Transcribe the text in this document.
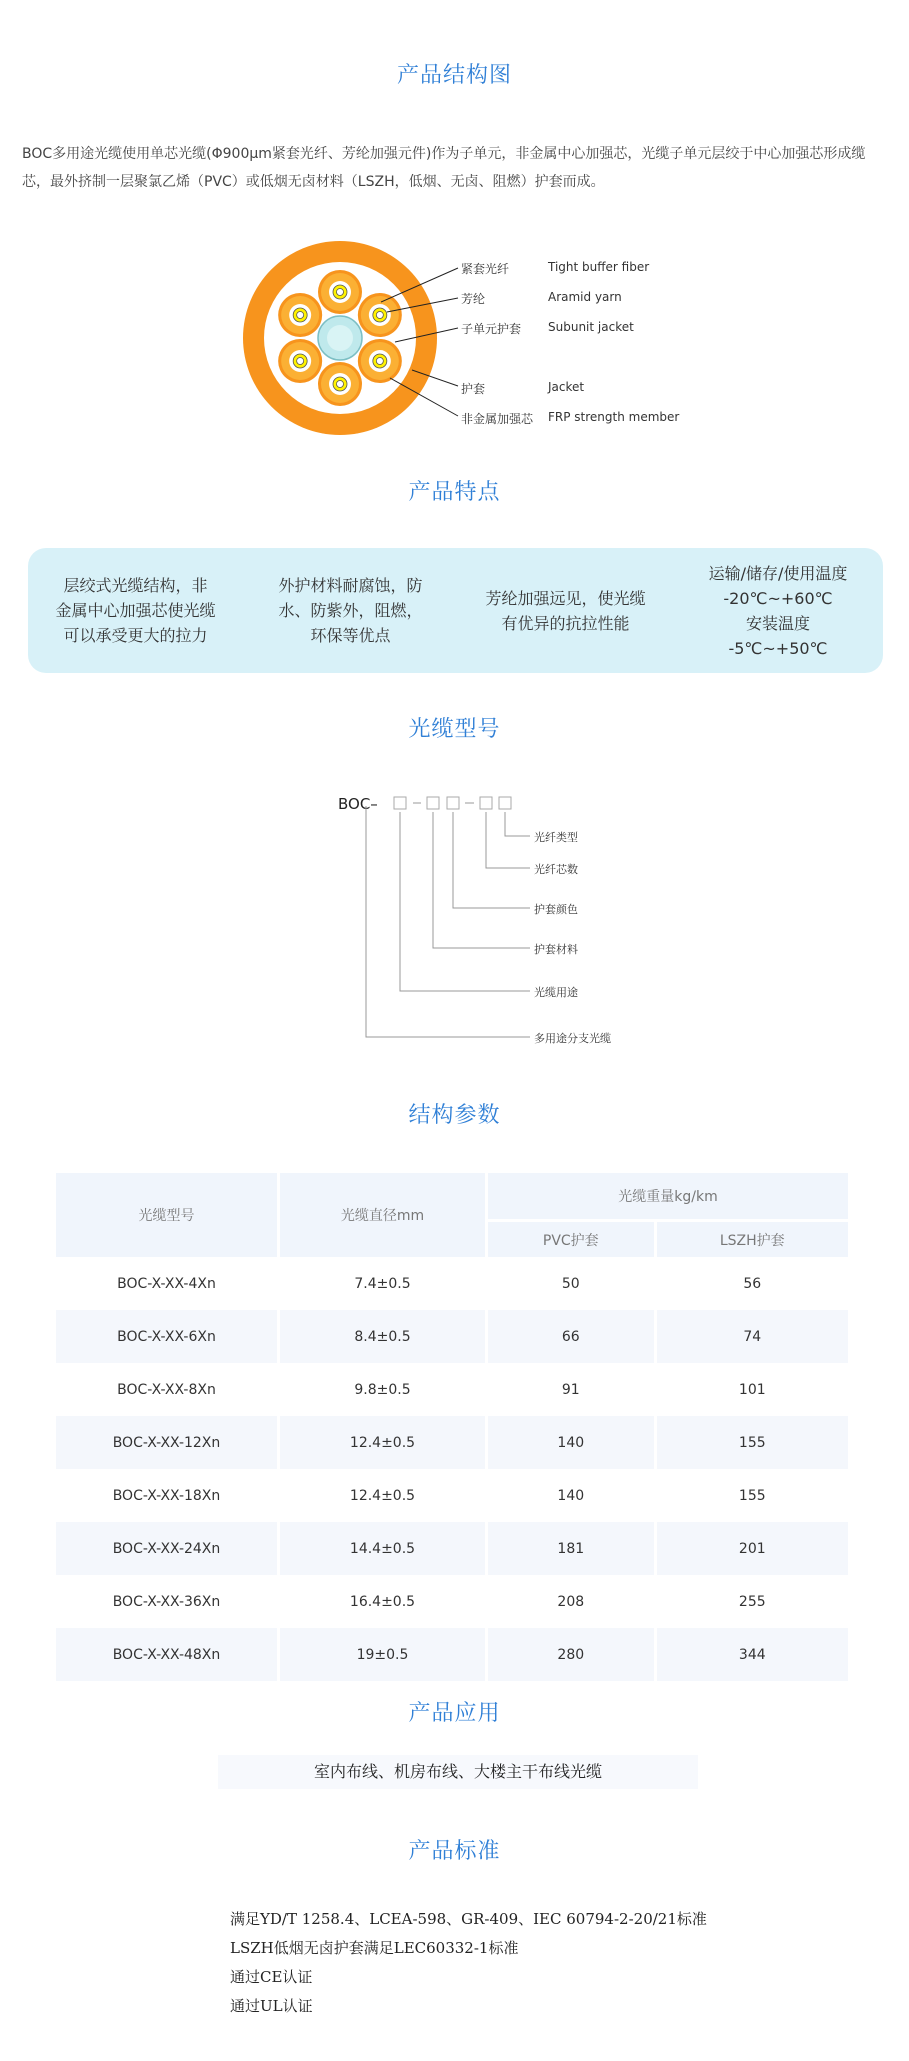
产品结构图
BOC多用途光缆使用单芯光缆(Φ900μm紧套光纤、芳纶加强元件)作为子单元，非金属中心加强芯，光缆子单元层绞于中心加强芯形成缆芯，最外挤制一层聚氯乙烯（PVC）或低烟无卤材料（LSZH，低烟、无卤、阻燃）护套而成。
紧套光纤	Tight buffer fiber
芳纶	Aramid yarn
子单元护套 Subunit jacket
护套	Jacket
非金属加强芯 FRP strength member
产品特点
层绞式光缆结构，非
金属中心加强芯使光缆
可以承受更大的拉力
外护材料耐腐蚀，防
水、防紫外，阻燃，
环保等优点
芳纶加强远见，使光缆
有优异的抗拉性能
运输/储存/使用温度
-20℃~+60℃
安装温度
-5℃~+50℃
光缆型号
BOC–
光纤类型
光纤芯数
护套颜色
护套材料
光缆用途
多用途分支光缆
结构参数
光缆型号	光缆直径mm	光缆重量kg/km	
		PVC护套	LSZH护套
BOC-X-XX-4Xn	7.4±0.5	50	56
BOC-X-XX-6Xn	8.4±0.5	66	74
BOC-X-XX-8Xn	9.8±0.5	91	101
BOC-X-XX-12Xn	12.4±0.5	140	155
BOC-X-XX-18Xn	12.4±0.5	140	155
BOC-X-XX-24Xn	14.4±0.5	181	201
BOC-X-XX-36Xn	16.4±0.5	208	255
BOC-X-XX-48Xn	19±0.5	280	344
产品应用
室内布线、机房布线、大楼主干布线光缆
产品标准
满足YD/T 1258.4、LCEA-598、GR-409、IEC 60794-2-20/21标准
LSZH低烟无卤护套满足LEC60332-1标准
通过CE认证
通过UL认证
